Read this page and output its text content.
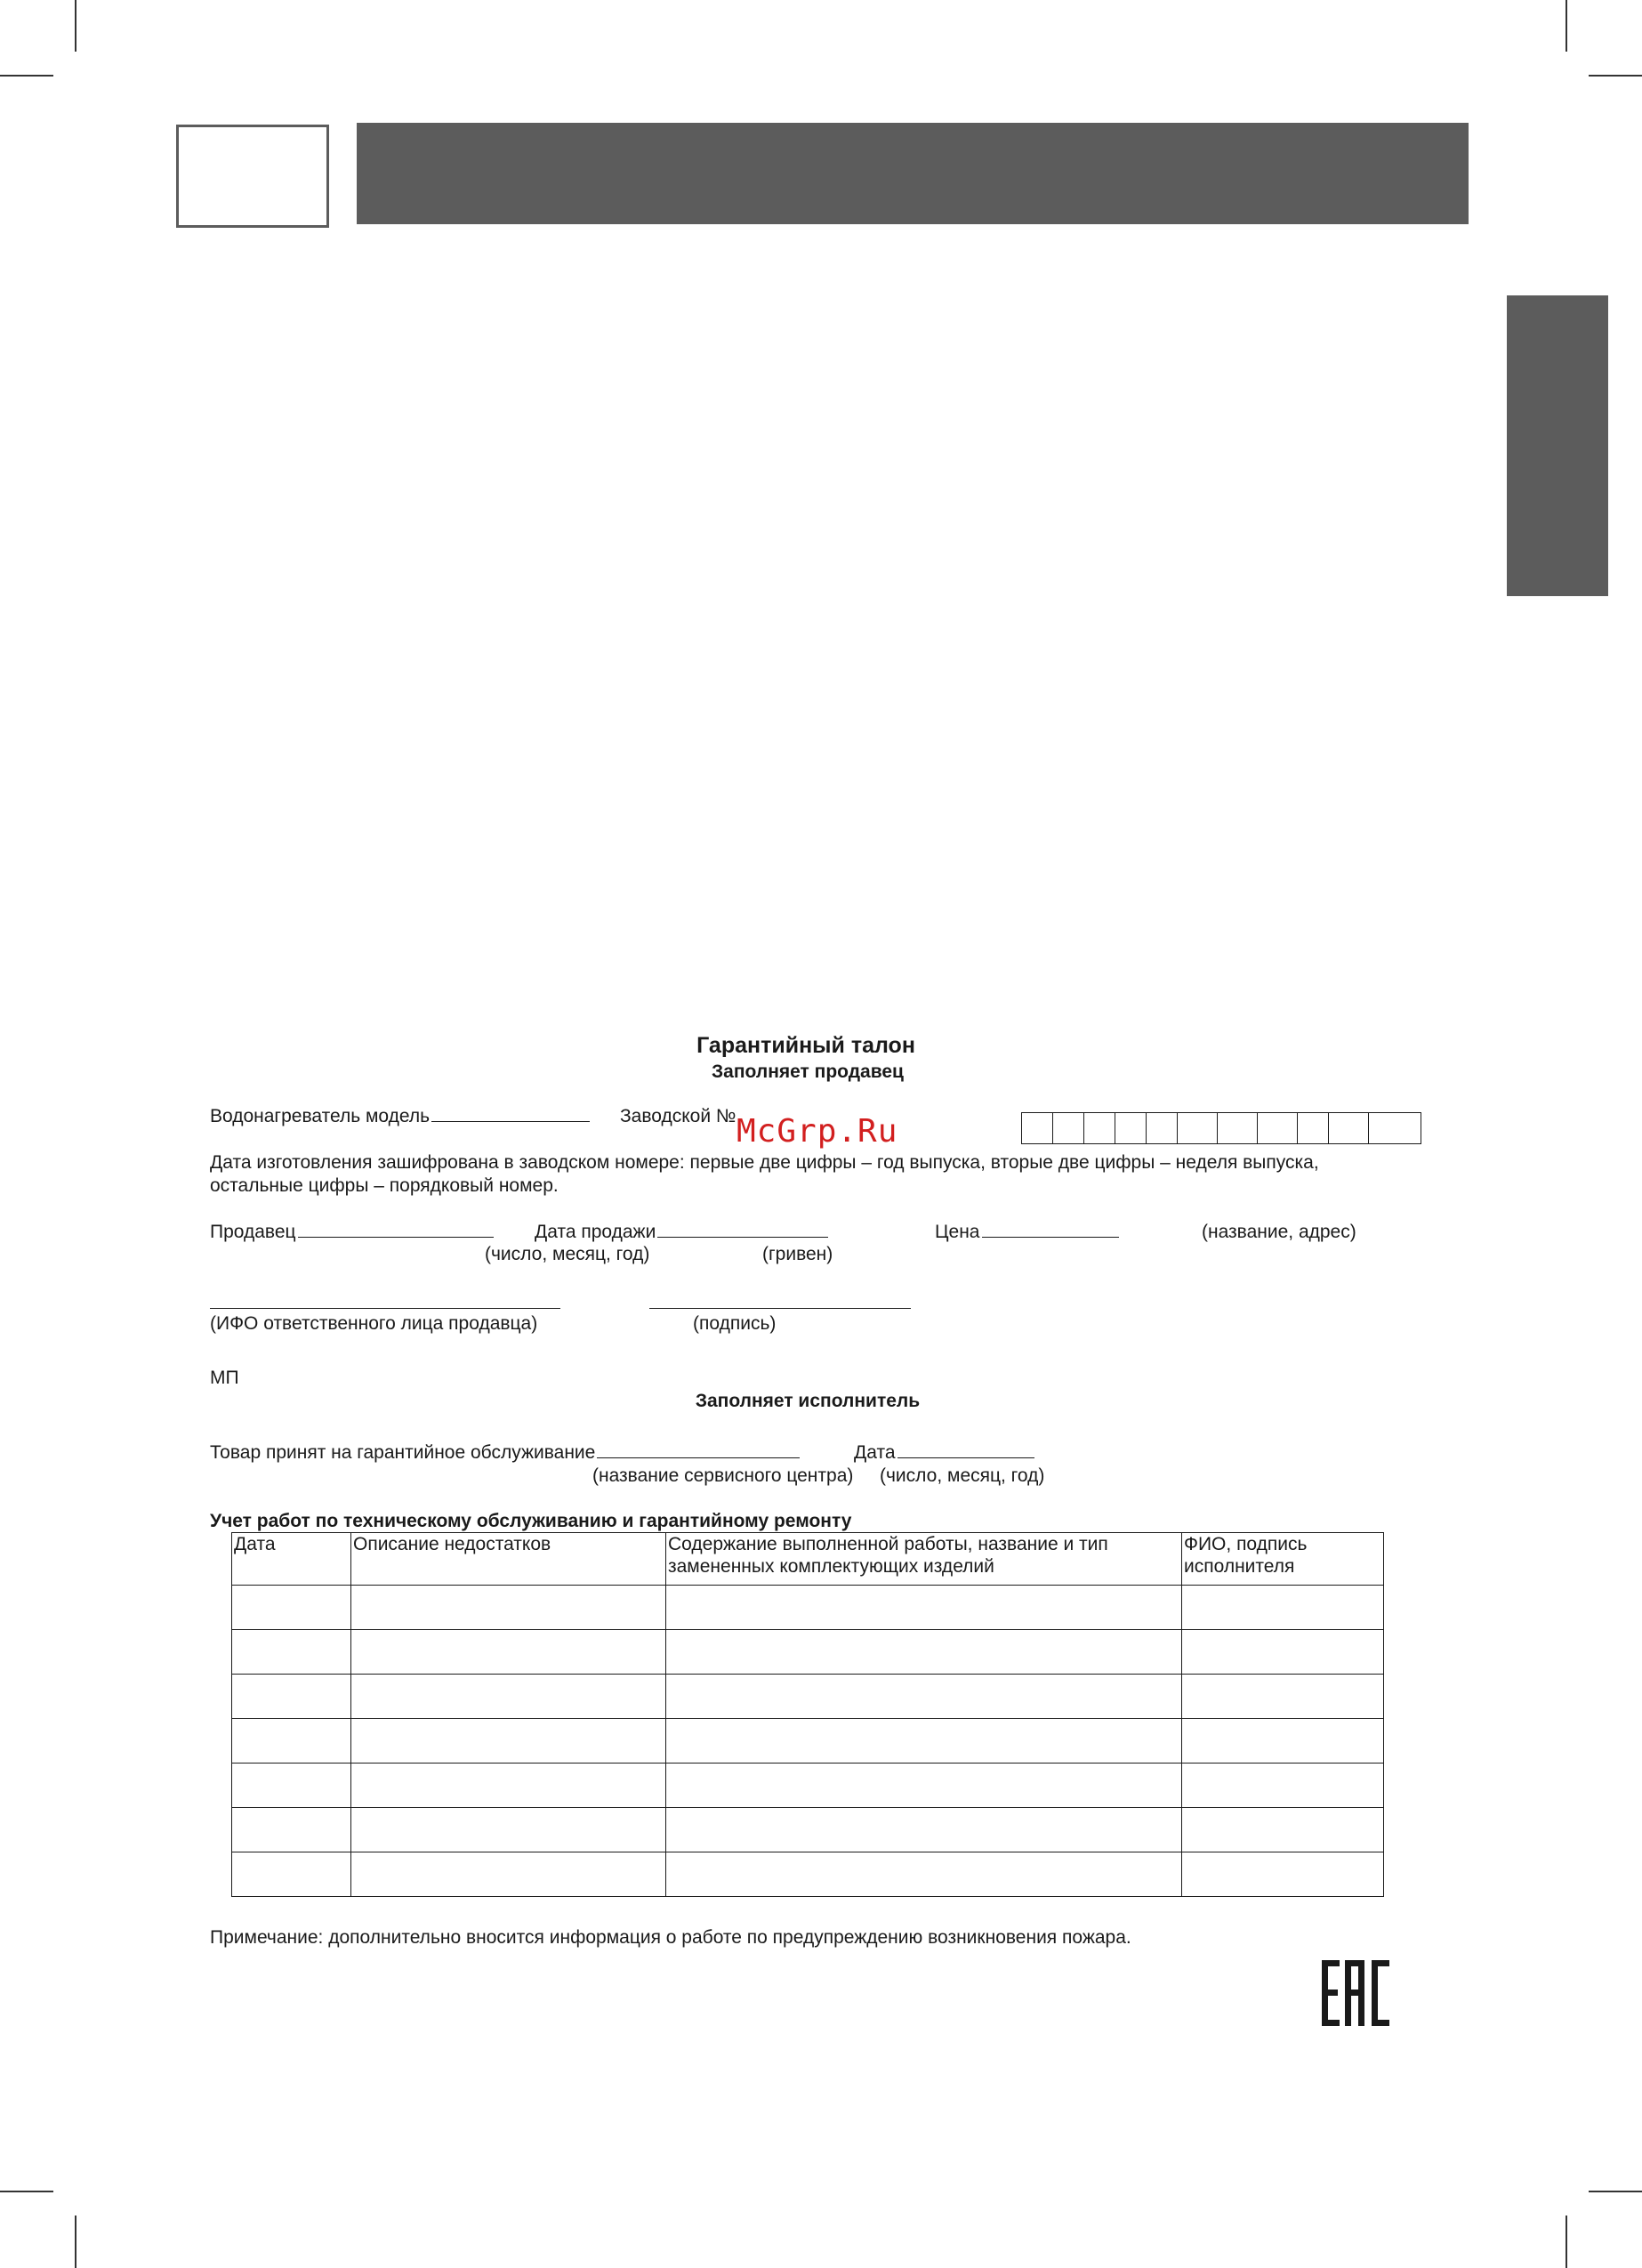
Гарантийный талон
Заполняет продавец
Водонагреватель модель	Заводской № McGrp.Ru
Дата изготовления зашифрована в заводском номере: первые две цифры – год выпуска, вторые две цифры – неделя выпуска,
остальные цифры – порядковый номер.
Продавец	Дата продажи	Цена	(название, адрес)
(число, месяц, год)	(гривен)
(ИФО ответственного лица продавца)	(подпись)
МП
Заполняет исполнитель
Товар принят на гарантийное обслуживание	Дата
(название сервисного центра) (число, месяц, год)
Учет работ по техническому обслуживанию и гарантийному ремонту
Дата	Описание недостатков	Содержание выполненной работы, название и тип замененных комплектующих изделий	ФИО, подпись исполнителя

Примечание: дополнительно вносится информация о работе по предупреждению возникновения пожара.
